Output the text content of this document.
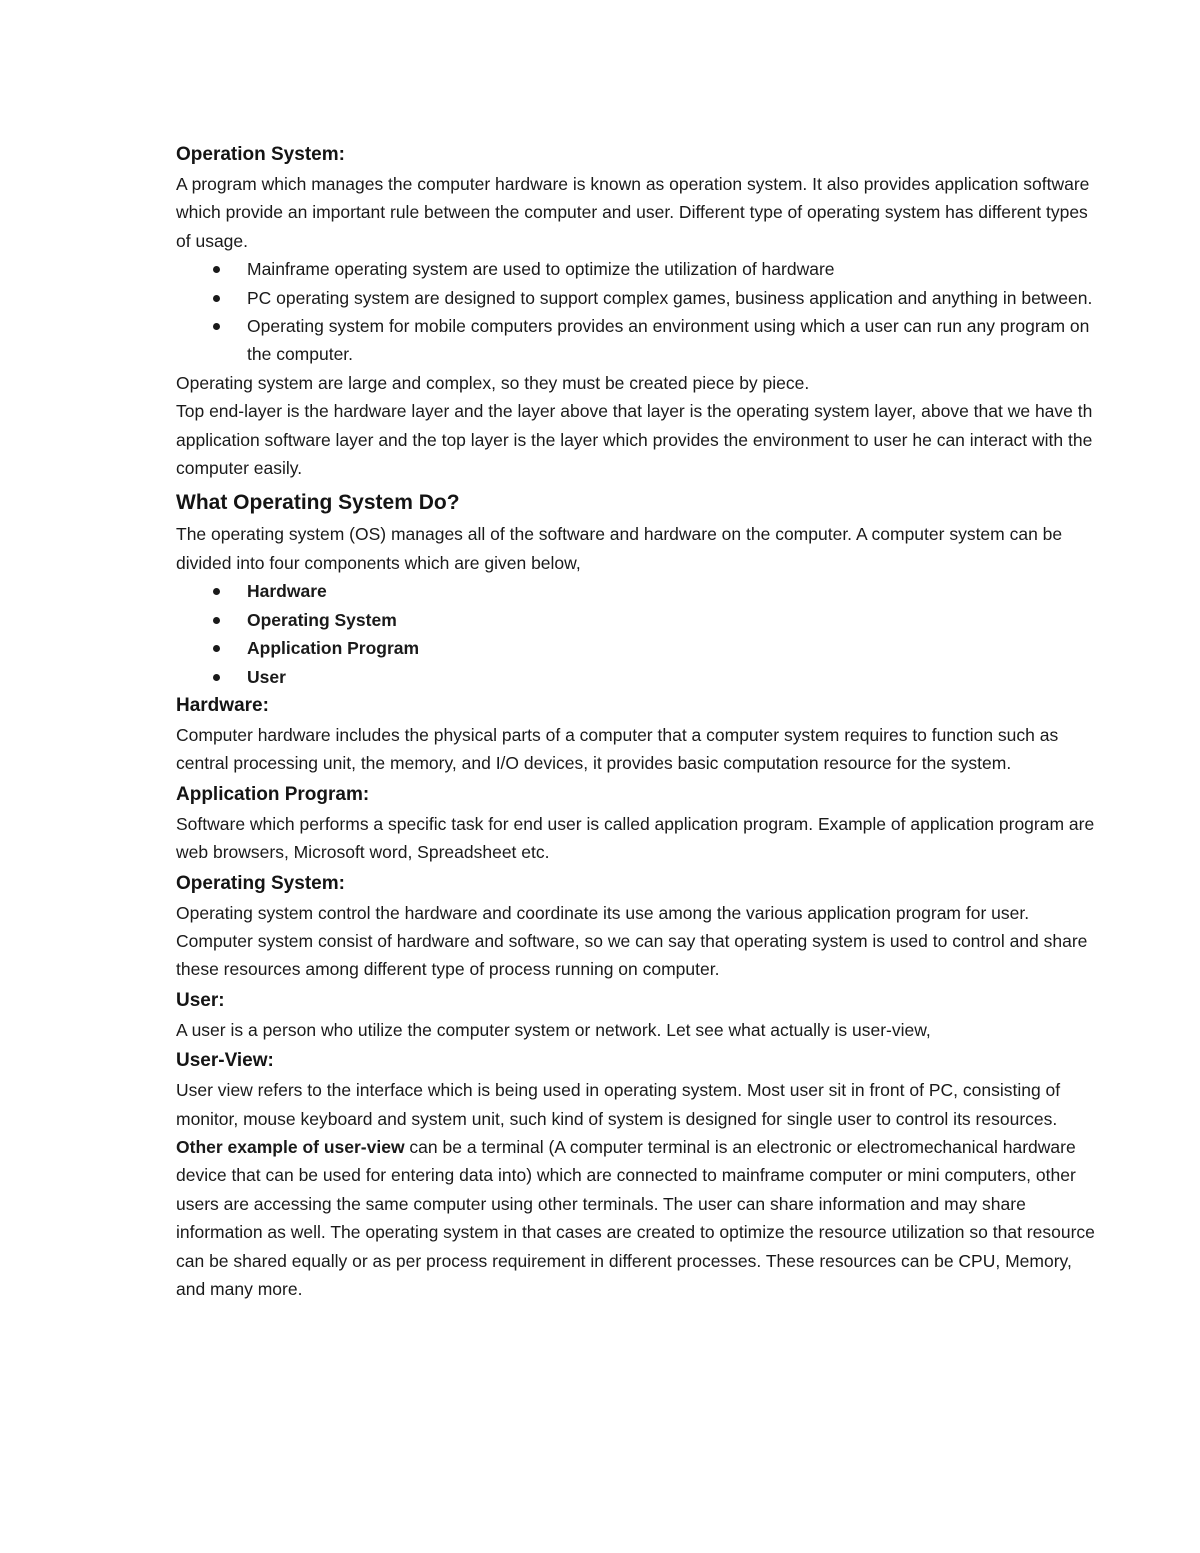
Operation System:

A program which manages the computer hardware is known as operation system. It also provides application software which provide an important rule between the computer and user. Different type of operating system has different types of usage.

Mainframe operating system are used to optimize the utilization of hardware
PC operating system are designed to support complex games, business application and anything in between.
Operating system for mobile computers provides an environment using which a user can run any program on the computer.

Operating system are large and complex, so they must be created piece by piece.

Top end-layer is the hardware layer and the layer above that layer is the operating system layer, above that we have th application software layer and the top layer is the layer which provides the environment to user he can interact with the computer easily.

What Operating System Do?

The operating system (OS) manages all of the software and hardware on the computer. A computer system can be divided into four components which are given below,

Hardware
Operating System
Application Program
User

Hardware:

Computer hardware includes the physical parts of a computer that a computer system requires to function such as central processing unit, the memory, and I/O devices, it provides basic computation resource for the system.

Application Program:

Software which performs a specific task for end user is called application program. Example of application program are web browsers, Microsoft word, Spreadsheet etc.

Operating System:

Operating system control the hardware and coordinate its use among the various application program for user. Computer system consist of hardware and software, so we can say that operating system is used to control and share these resources among different type of process running on computer.

User:

A user is a person who utilize the computer system or network. Let see what actually is user-view,

User-View:

User view refers to the interface which is being used in operating system. Most user sit in front of PC, consisting of monitor, mouse keyboard and system unit, such kind of system is designed for single user to control its resources.

Other example of user-view can be a terminal (A computer terminal is an electronic or electromechanical hardware device that can be used for entering data into) which are connected to mainframe computer or mini computers, other users are accessing the same computer using other terminals. The user can share information and may share information as well. The operating system in that cases are created to optimize the resource utilization so that resource can be shared equally or as per process requirement in different processes. These resources can be CPU, Memory, and many more.
